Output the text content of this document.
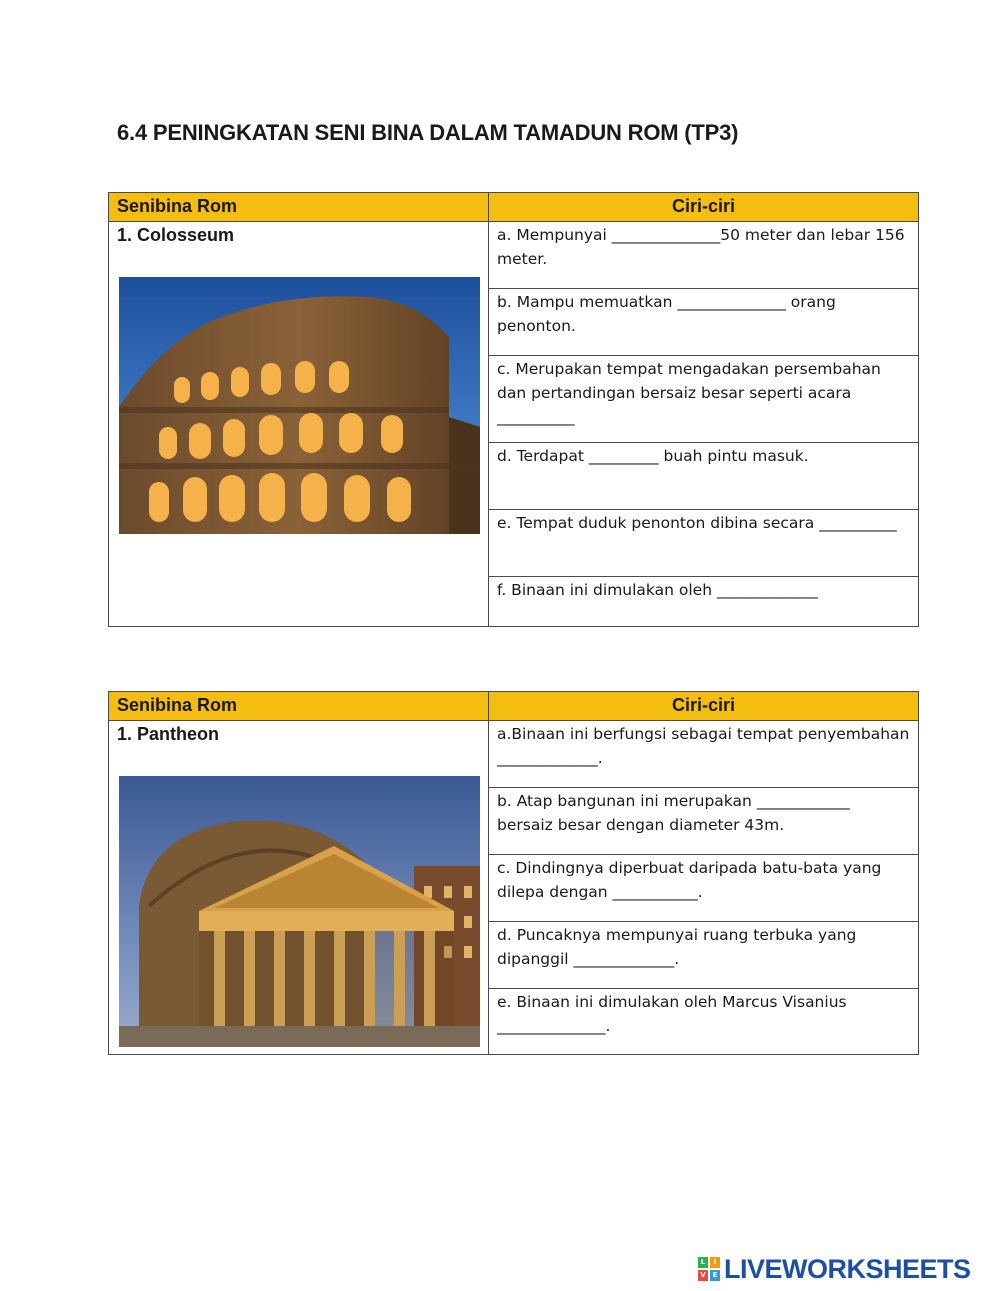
6.4 PENINGKATAN SENI BINA DALAM TAMADUN ROM (TP3)
Senibina Rom	Ciri-ciri

1. Colosseum	a. Mempunyai ______________50 meter dan lebar 156 meter.
	b. Mampu memuatkan ______________ orang penonton.
	c. Merupakan tempat mengadakan persembahan dan pertandingan bersaiz besar seperti acara __________
	d. Terdapat _________ buah pintu masuk.
	e. Tempat duduk penonton dibina secara __________
	f. Binaan ini dimulakan oleh _____________
Senibina Rom	Ciri-ciri

1. Pantheon	a.Binaan ini berfungsi sebagai tempat penyembahan _____________.
	b. Atap bangunan ini merupakan ____________ bersaiz besar dengan diameter 43m.
	c. Dindingnya diperbuat daripada batu-bata yang dilepa dengan ___________.
	d. Puncaknya mempunyai ruang terbuka yang dipanggil _____________.
	e. Binaan ini dimulakan oleh Marcus Visanius ______________.
L	I
V E LIVEWORKSHEETS
